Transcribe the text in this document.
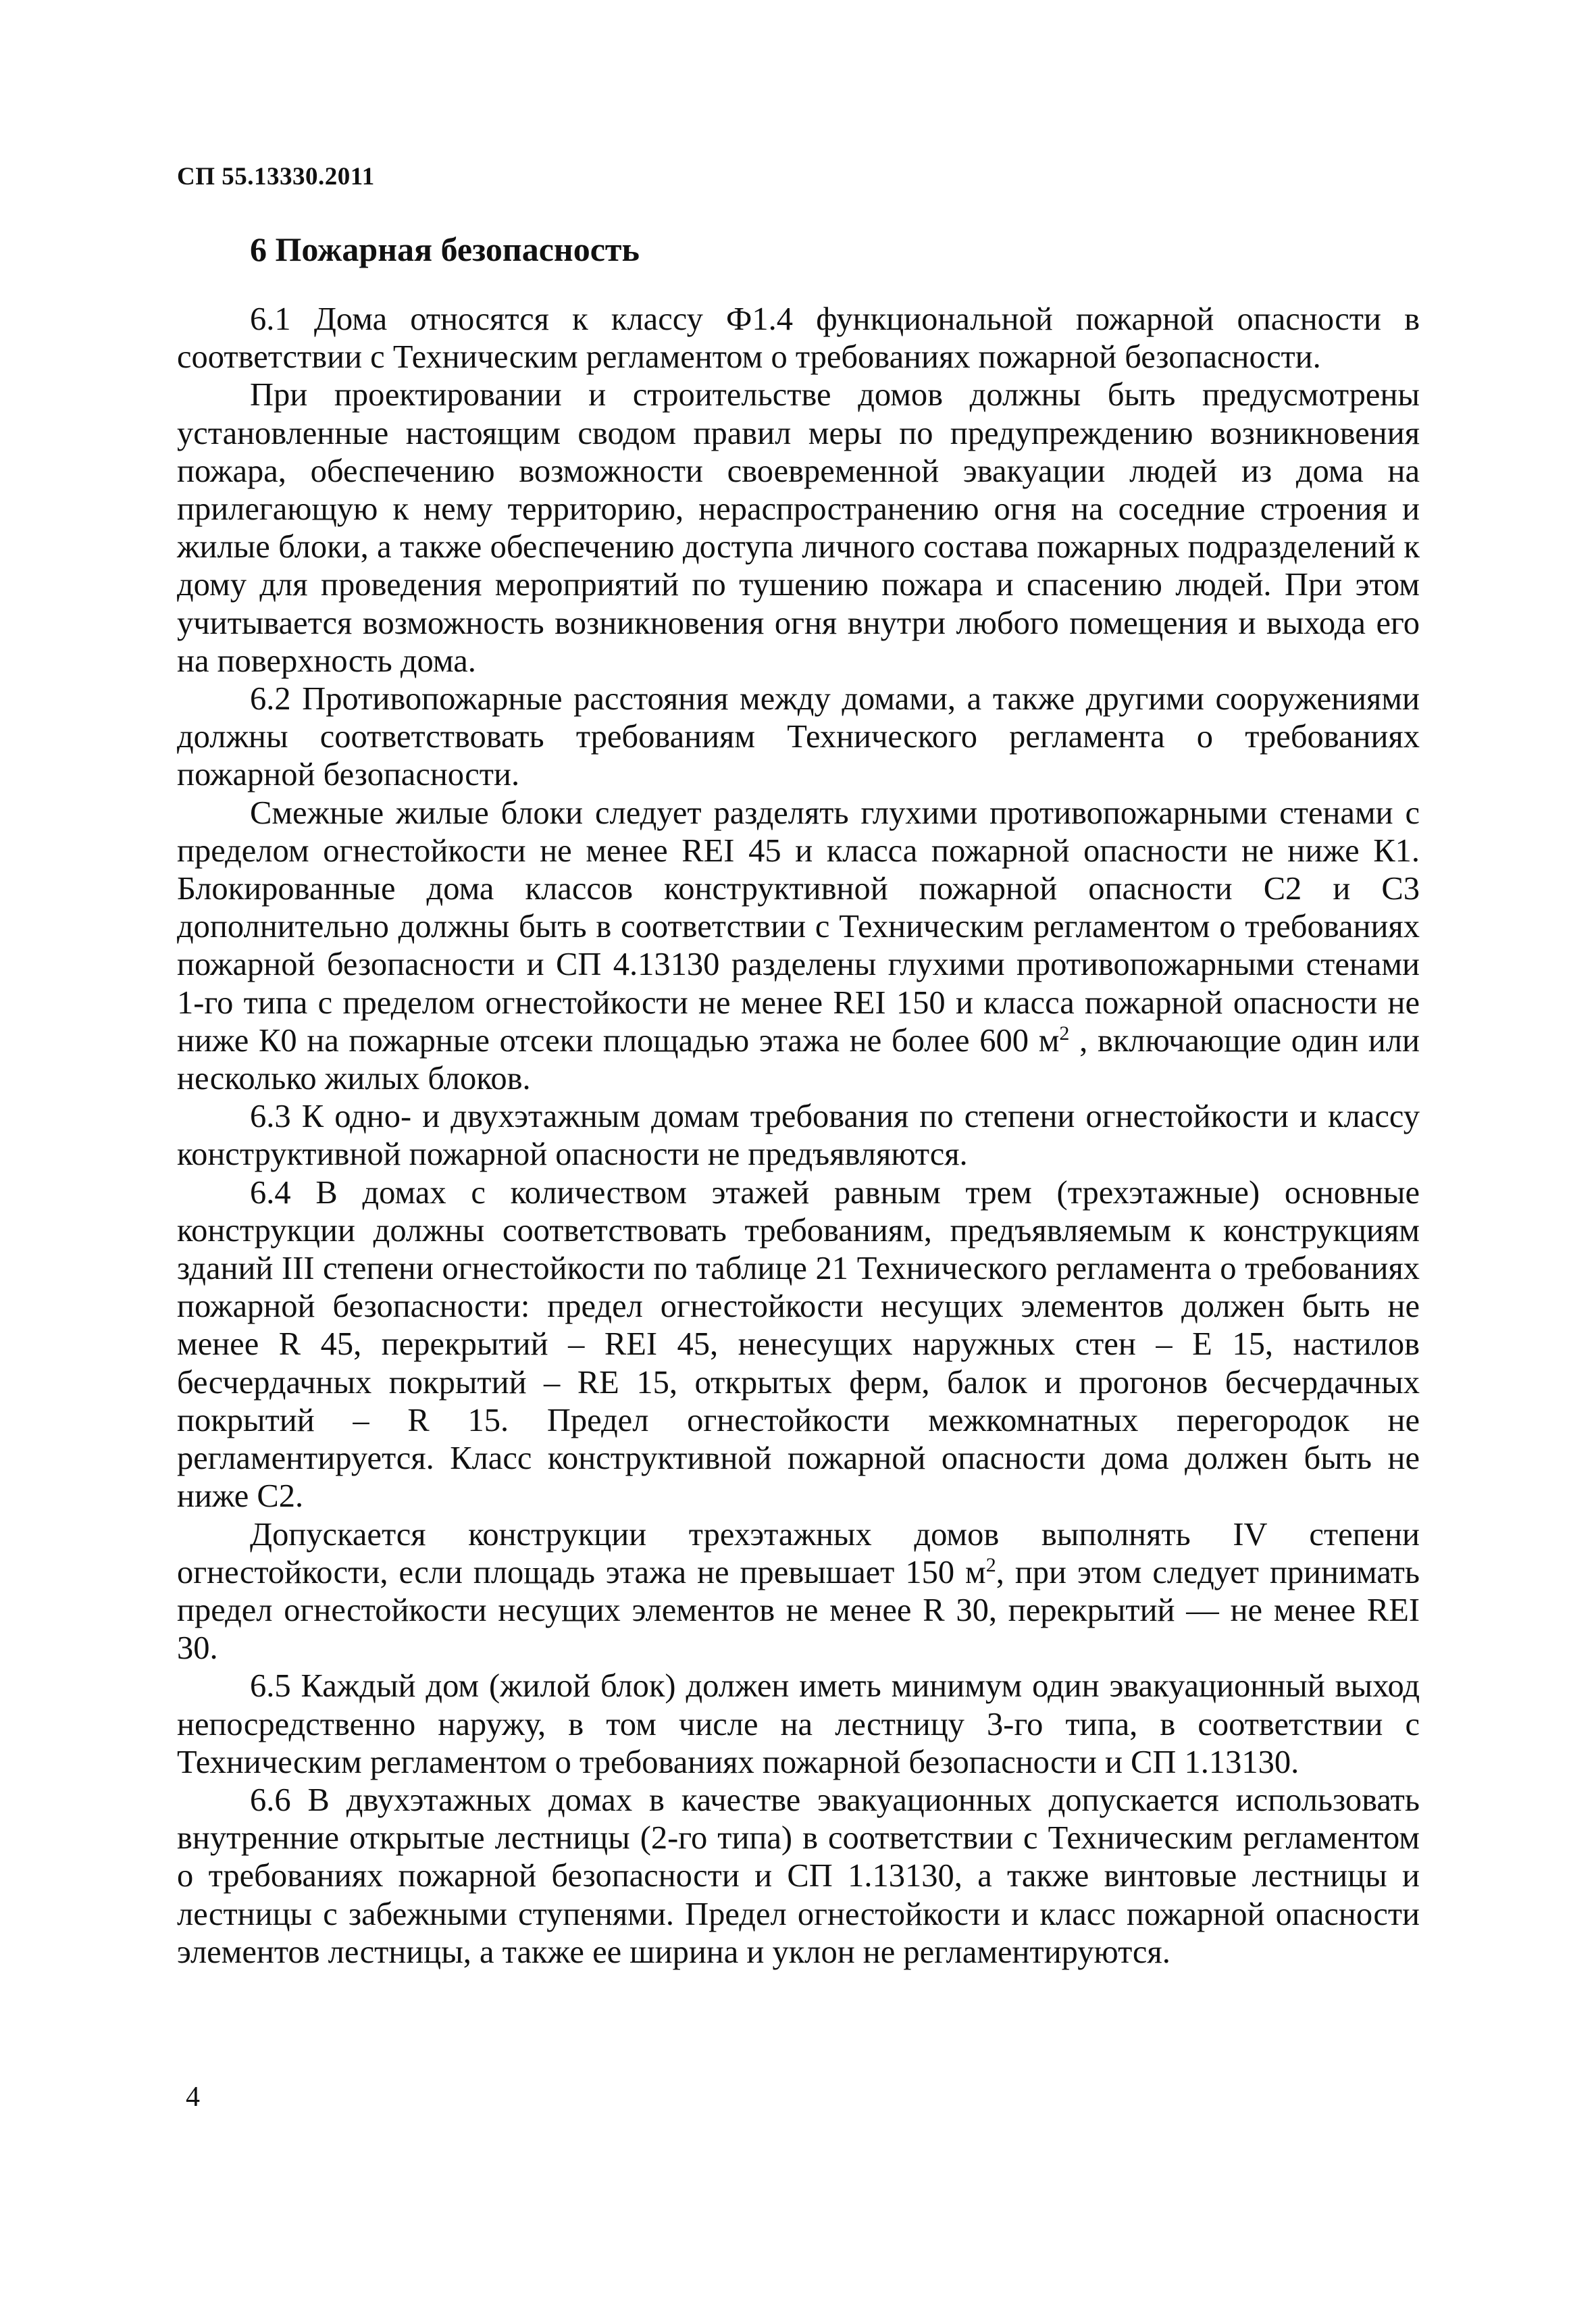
СП 55.13330.2011
6 Пожарная безопасность

6.1 Дома относятся к классу Ф1.4 функциональной пожарной опасности в соответствии с Техническим регламентом о требованиях пожарной безопасности.

При проектировании и строительстве домов должны быть предусмотрены установленные настоящим сводом правил меры по предупреждению возникновения пожара, обеспечению возможности своевременной эвакуации людей из дома на прилегающую к нему территорию, нераспространению огня на соседние строения и жилые блоки, а также обеспечению доступа личного состава пожарных подразделений к дому для проведения мероприятий по тушению пожара и спасению людей. При этом учитывается возможность возникновения огня внутри любого помещения и выхода его на поверхность дома.

6.2 Противопожарные расстояния между домами, а также другими сооружениями должны соответствовать требованиям Технического регламента о требованиях пожарной безопасности.

Смежные жилые блоки следует разделять глухими противопожарными стенами с пределом огнестойкости не менее REI 45 и класса пожарной опасности не ниже К1. Блокированные дома классов конструктивной пожарной опасности С2 и С3 дополнительно должны быть в соответствии с Техническим регламентом о требованиях пожарной безопасности и СП 4.13130 разделены глухими противопожарными стенами 1-го типа с пределом огнестойкости не менее REI 150 и класса пожарной опасности не ниже К0 на пожарные отсеки площадью этажа не более 600 $м^2$ , включающие один или несколько жилых блоков.

6.3 К одно- и двухэтажным домам требования по степени огнестойкости и классу конструктивной пожарной опасности не предъявляются.

6.4 В домах с количеством этажей равным трем (трехэтажные) основные конструкции должны соответствовать требованиям, предъявляемым к конструкциям зданий III степени огнестойкости по таблице 21 Технического регламента о требованиях пожарной безопасности: предел огнестойкости несущих элементов должен быть не менее R 45, перекрытий – REI 45, ненесущих наружных стен – Е 15, настилов бесчердачных покрытий – RE 15, открытых ферм, балок и прогонов бесчердачных покрытий – R 15. Предел огнестойкости межкомнатных перегородок не регламентируется. Класс конструктивной пожарной опасности дома должен быть не ниже С2.

Допускается конструкции трехэтажных домов выполнять IV степени огнестойкости, если площадь этажа не превышает 150 $м^2$, при этом следует принимать предел огнестойкости несущих элементов не менее R 30, перекрытий — не менее REI 30.

6.5 Каждый дом (жилой блок) должен иметь минимум один эвакуационный выход непосредственно наружу, в том числе на лестницу 3-го типа, в соответствии с Техническим регламентом о требованиях пожарной безопасности и СП 1.13130.

6.6 В двухэтажных домах в качестве эвакуационных допускается использовать внутренние открытые лестницы (2-го типа) в соответствии с Техническим регламентом о требованиях пожарной безопасности и СП 1.13130, а также винтовые лестницы и лестницы с забежными ступенями. Предел огнестойкости и класс пожарной опасности элементов лестницы, а также ее ширина и уклон не регламентируются.

4
